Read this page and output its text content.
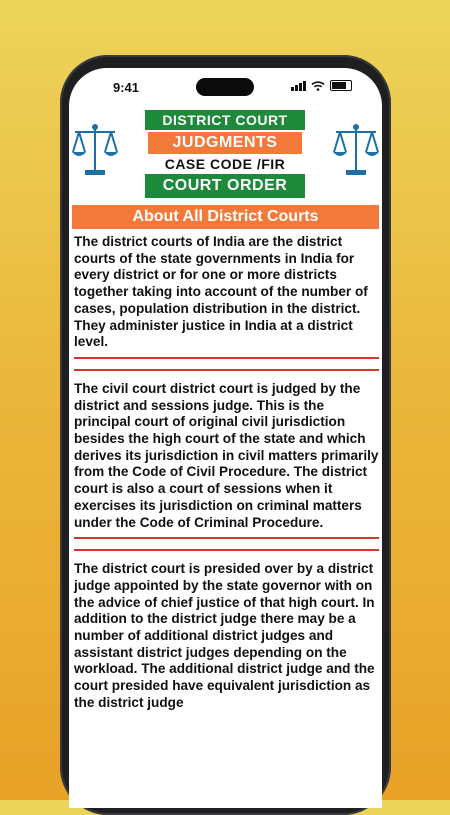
9:41
DISTRICT COURT
JUDGMENTS
CASE CODE /FIR
COURT ORDER
About All District Courts

The district courts of India are the district courts of the state governments in India for every district or for one or more districts together taking into account of the number of cases, population distribution in the district. They administer justice in India at a district level.

The civil court district court is judged by the district and sessions judge. This is the principal court of original civil jurisdiction besides the high court of the state and which derives its jurisdiction in civil matters primarily from the Code of Civil Procedure. The district court is also a court of sessions when it exercises its jurisdiction on criminal matters under the Code of Criminal Procedure.

The district court is presided over by a district judge appointed by the state governor with on the advice of chief justice of that high court. In addition to the district judge there may be a number of additional district judges and assistant district judges depending on the workload. The additional district judge and the court presided have equivalent jurisdiction as the district judge
